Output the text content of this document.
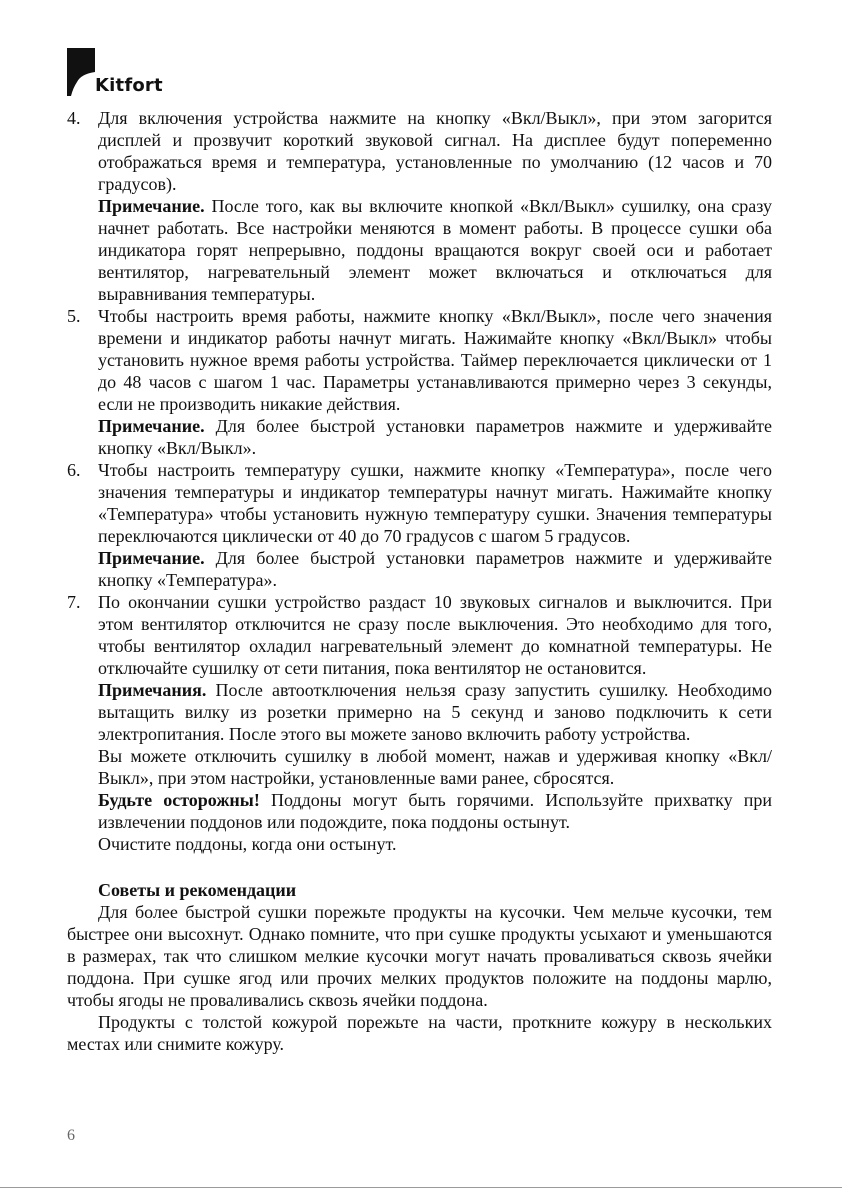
Kitfort
4. Для включения устройства нажмите на кнопку «Вкл/Выкл», при этом загорится дисплей и прозвучит короткий звуковой сигнал. На дисплее будут попеременно отображаться время и температура, установленные по умолчанию (12 часов и 70 градусов).

Примечание. После того, как вы включите кнопкой «Вкл/Выкл» сушилку, она сразу начнет работать. Все настройки меняются в момент работы. В процессе сушки оба индикатора горят непрерывно, поддоны вращаются вокруг своей оси и работает вентилятор, нагревательный элемент может включаться и отключаться для выравнивания температуры.

5. Чтобы настроить время работы, нажмите кнопку «Вкл/Выкл», после чего значения времени и индикатор работы начнут мигать. Нажимайте кнопку «Вкл/Выкл» чтобы установить нужное время работы устройства. Таймер переключается циклически от 1 до 48 часов с шагом 1 час. Параметры устанавливаются примерно через 3 секунды, если не производить никакие действия.

Примечание. Для более быстрой установки параметров нажмите и удерживайте кнопку «Вкл/Выкл».

6. Чтобы настроить температуру сушки, нажмите кнопку «Температура», после чего значения температуры и индикатор температуры начнут мигать. Нажимайте кнопку «Температура» чтобы установить нужную температуру сушки. Значения температуры переключаются циклически от 40 до 70 градусов с шагом 5 градусов.

Примечание. Для более быстрой установки параметров нажмите и удерживайте кнопку «Температура».

7. По окончании сушки устройство раздаст 10 звуковых сигналов и выключится. При этом вентилятор отключится не сразу после выключения. Это необходимо для того, чтобы вентилятор охладил нагревательный элемент до комнатной температуры. Не отключайте сушилку от сети питания, пока вентилятор не остановится.

Примечания. После автоотключения нельзя сразу запустить сушилку. Необходимо вытащить вилку из розетки примерно на 5 секунд и заново подключить к сети электропитания. После этого вы можете заново включить работу устройства.

Вы можете отключить сушилку в любой момент, нажав и удерживая кнопку «Вкл/Выкл», при этом настройки, установленные вами ранее, сбросятся.

Будьте осторожны! Поддоны могут быть горячими. Используйте прихватку при извлечении поддонов или подождите, пока поддоны остынут.

Очистите поддоны, когда они остынут.

Советы и рекомендации

Для более быстрой сушки порежьте продукты на кусочки. Чем мельче кусочки, тем быстрее они высохнут. Однако помните, что при сушке продукты усыхают и уменьшаются в размерах, так что слишком мелкие кусочки могут начать проваливаться сквозь ячейки поддона. При сушке ягод или прочих мелких продуктов положите на поддоны марлю, чтобы ягоды не проваливались сквозь ячейки поддона.

Продукты с толстой кожурой порежьте на части, проткните кожуру в нескольких местах или снимите кожуру.

6
